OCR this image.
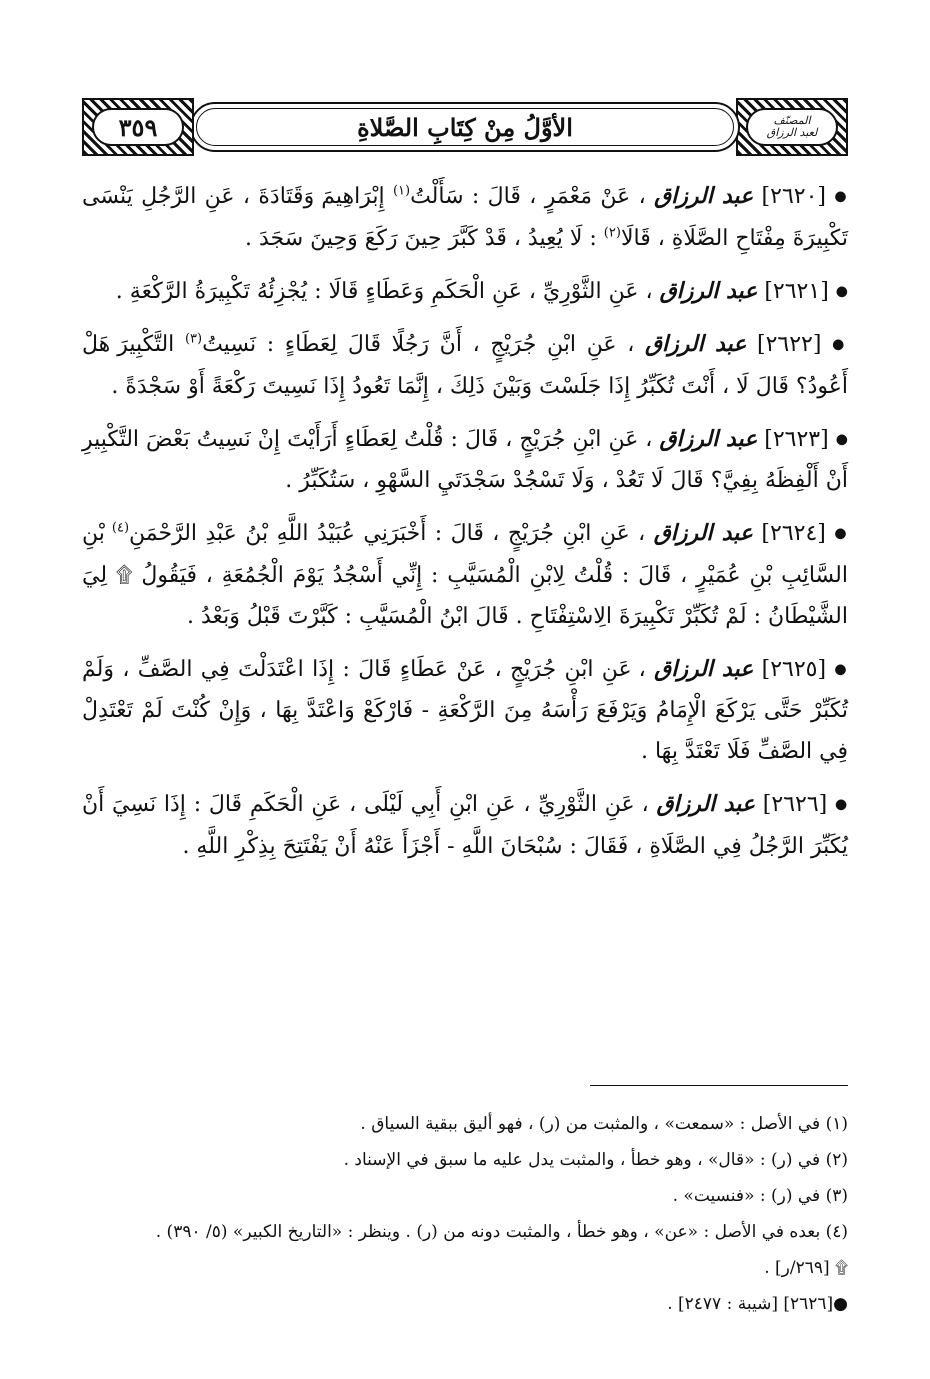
المصنّف
لعبد الرزاق
الأوَّلُ مِنْ كِتَابِ الصَّلاةِ
٣٥٩

● [٢٦٢٠] عبد الرزاق ، عَنْ مَعْمَرٍ ، قَالَ : سَأَلْتُ$^{(١)}$ إِبْرَاهِيمَ وَقَتَادَةَ ، عَنِ الرَّجُلِ يَنْسَى تَكْبِيرَةَ مِفْتَاحِ الصَّلَاةِ ، قَالَا$^{(٢)}$ : لَا يُعِيدُ ، قَدْ كَبَّرَ حِينَ رَكَعَ وَحِينَ سَجَدَ .

● [٢٦٢١] عبد الرزاق ، عَنِ الثَّوْرِيِّ ، عَنِ الْحَكَمِ وَعَطَاءٍ قَالَا : يُجْزِئُهُ تَكْبِيرَةُ الرَّكْعَةِ .

● [٢٦٢٢] عبد الرزاق ، عَنِ ابْنِ جُرَيْجٍ ، أَنَّ رَجُلًا قَالَ لِعَطَاءٍ : نَسِيتُ$^{(٣)}$ التَّكْبِيرَ هَلْ أَعُودُ؟ قَالَ لَا ، أَنْتَ تُكَبِّرُ إِذَا جَلَسْتَ وَبَيْنَ ذَلِكَ ، إِنَّمَا تَعُودُ إِذَا نَسِيتَ رَكْعَةً أَوْ سَجْدَةً .

● [٢٦٢٣] عبد الرزاق ، عَنِ ابْنِ جُرَيْجٍ ، قَالَ : قُلْتُ لِعَطَاءٍ أَرَأَيْتَ إِنْ نَسِيتُ بَعْضَ التَّكْبِيرِ أَنْ أَلْفِظَهُ بِفِيَّ؟ قَالَ لَا تَعُدْ ، وَلَا تَسْجُدْ سَجْدَتَيِ السَّهْوِ ، سَتُكَبِّرُ .

● [٢٦٢٤] عبد الرزاق ، عَنِ ابْنِ جُرَيْجٍ ، قَالَ : أَخْبَرَنِي عُبَيْدُ اللَّهِ بْنُ عَبْدِ الرَّحْمَنِ$^{(٤)}$ بْنِ السَّائِبِ بْنِ عُمَيْرٍ ، قَالَ : قُلْتُ لِابْنِ الْمُسَيَّبِ : إِنِّي أَسْجُدُ يَوْمَ الْجُمُعَةِ ، فَيَقُولُ ۩ لِيَ الشَّيْطَانُ : لَمْ تُكَبِّرْ تَكْبِيرَةَ الِاسْتِفْتَاحِ . قَالَ ابْنُ الْمُسَيَّبِ : كَبَّرْتَ قَبْلُ وَبَعْدُ .

● [٢٦٢٥] عبد الرزاق ، عَنِ ابْنِ جُرَيْجٍ ، عَنْ عَطَاءٍ قَالَ : إِذَا اعْتَدَلْتَ فِي الصَّفِّ ، وَلَمْ تُكَبِّرْ حَتَّى يَرْكَعَ الْإِمَامُ وَيَرْفَعَ رَأْسَهُ مِنَ الرَّكْعَةِ - فَارْكَعْ وَاعْتَدَّ بِهَا ، وَإِنْ كُنْتَ لَمْ تَعْتَدِلْ فِي الصَّفِّ فَلَا تَعْتَدَّ بِهَا .

● [٢٦٢٦] عبد الرزاق ، عَنِ الثَّوْرِيِّ ، عَنِ ابْنِ أَبِي لَيْلَى ، عَنِ الْحَكَمِ قَالَ : إِذَا نَسِيَ أَنْ يُكَبِّرَ الرَّجُلُ فِي الصَّلَاةِ ، فَقَالَ : سُبْحَانَ اللَّهِ - أَجْزَأَ عَنْهُ أَنْ يَفْتَتِحَ بِذِكْرِ اللَّهِ .

(١) في الأصل : «سمعت» ، والمثبت من (ر) ، فهو أليق ببقية السياق .

(٢) في (ر) : «قال» ، وهو خطأ ، والمثبت يدل عليه ما سبق في الإسناد .

(٣) في (ر) : «فنسيت» .

(٤) بعده في الأصل : «عن» ، وهو خطأ ، والمثبت دونه من (ر) . وينظر : «التاريخ الكبير» (٥/ ٣٩٠) .

۩ [٢٦٩/ر] .

●[٢٦٢٦] [شيبة : ٢٤٧٧] .
